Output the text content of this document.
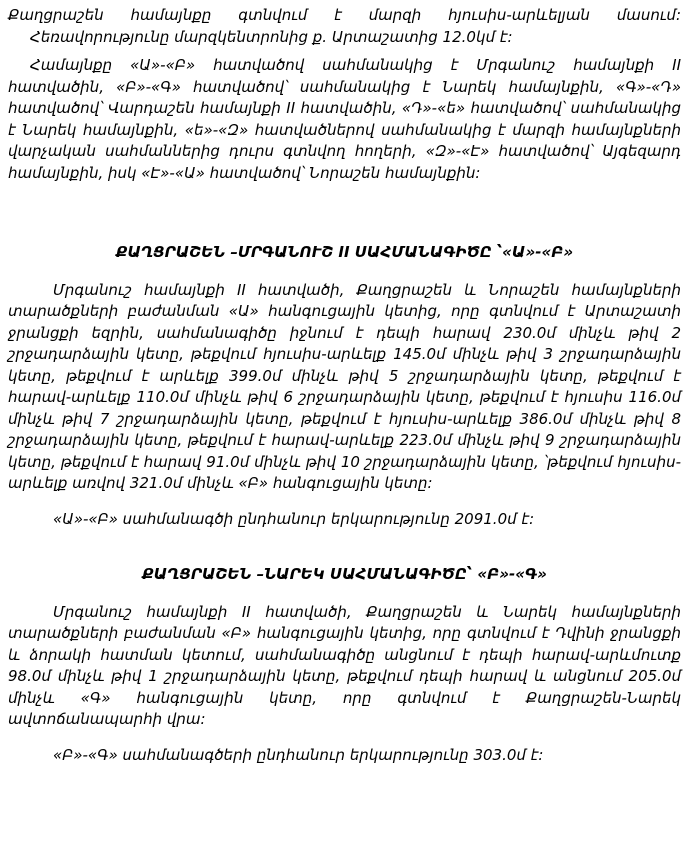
Քաղցրաշեն համայնքը գտնվում է մարզի հյուսիս-արևելյան մասում:

Հեռավորությունը մարզկենտրոնից ք. Արտաշատից 12.0կմ է:

Համայնքը «Ա»-«Բ» հատվածով սահմանակից է Մրգանուշ համայնքի II հատվածին, «Բ»-«Գ» հատվածով՝ սահմանակից է Նարեկ համայնքին, «Գ»-«Դ» հատվածով՝ Վարդաշեն համայնքի II հատվածին, «Դ»-«ե» հատվածով՝ սահմանակից է Նարեկ համայնքին, «ե»-«Զ» հատվածներով սահմանակից է մարզի համայնքների վարչական սահմաններից դուրս գտնվող հողերի, «Զ»-«Է» հատվածով՝ Այգեզարդ համայնքին, իսկ «Է»-«Ա» հատվածով՝ Նորաշեն համայնքին:

ՔԱՂՑՐԱՇԵՆ –ՄՐԳԱՆՈՒՇ II ՍԱՀՄԱՆԱԳԻԾԸ ՝«Ա»-«Բ»

Մրգանուշ համայնքի II հատվածի, Քաղցրաշեն և Նորաշեն համայնքների տարածքների բաժանման «Ա» հանգուցային կետից, որը գտնվում է Արտաշատի ջրանցքի եզրին, սահմանագիծը իջնում է դեպի հարավ 230.0մ մինչև թիվ 2 շրջադարձային կետը, թեքվում հյուսիս-արևելք 145.0մ մինչև թիվ 3 շրջադարձային կետը, թեքվում է արևելք 399.0մ մինչև թիվ 5 շրջադարձային կետը, թեքվում է հարավ-արևելք 110.0մ մինչև թիվ 6 շրջադարձային կետը, թեքվում է հյուսիս 116.0մ մինչև թիվ 7 շրջադարձային կետը, թեքվում է հյուսիս-արևելք 386.0մ մինչև թիվ 8 շրջադարձային կետը, թեքվում է հարավ-արևելք 223.0մ մինչև թիվ 9 շրջադարձային կետը, թեքվում է հարավ 91.0մ մինչև թիվ 10 շրջադարձային կետը, ՝թեքվում հյուսիս-արևելք առվով 321.0մ մինչև «Բ» հանգուցային կետը:

«Ա»-«Բ» սահմանագծի ընդհանուր երկարությունը 2091.0մ է:

ՔԱՂՑՐԱՇԵՆ –ՆԱՐԵԿ ՍԱՀՄԱՆԱԳԻԾԸ՝ «Բ»-«Գ»

Մրգանուշ համայնքի II հատվածի, Քաղցրաշեն և Նարեկ համայնքների տարածքների բաժանման «Բ» հանգուցային կետից, որը գտնվում է Դվինի ջրանցքի և ձորակի հատման կետում, սահմանագիծը անցնում է դեպի հարավ-արևմուտք 98.0մ մինչև թիվ 1 շրջադարձային կետը, թեքվում դեպի հարավ և անցնում 205.0մ մինչև «Գ» հանգուցային կետը, որը գտնվում է Քաղցրաշեն-Նարեկ ավտոճանապարհի վրա:

«Բ»-«Գ» սահմանագծերի ընդհանուր երկարությունը 303.0մ է:
